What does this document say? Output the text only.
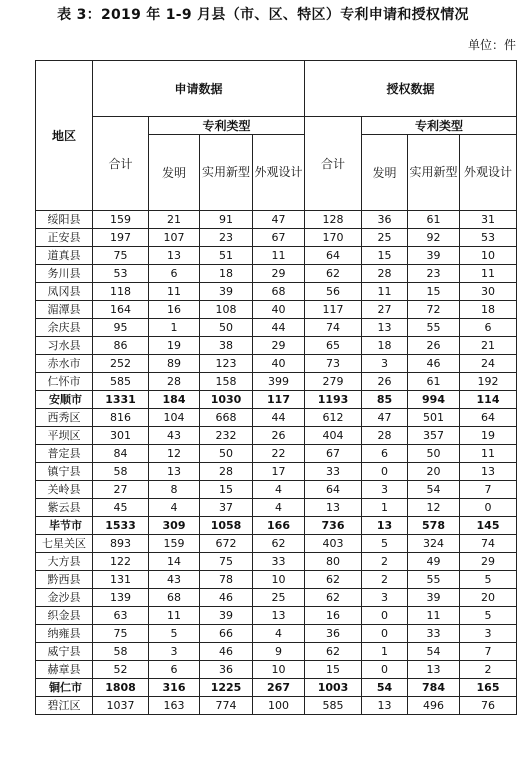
表 3：2019 年 1-9 月县（市、区、特区）专利申请和授权情况
单位：件
地区	申请数据				授权数据			
	合计	专利类型			合计	专利类型		
		发明	实用新型	外观设计		发明	实用新型	外观设计
绥阳县	159	21	91	47	128	36	61	31
正安县	197	107	23	67	170	25	92	53
道真县	75	13	51	11	64	15	39	10
务川县	53	6	18	29	62	28	23	11
凤冈县	118	11	39	68	56	11	15	30
湄潭县	164	16	108	40	117	27	72	18
余庆县	95	1	50	44	74	13	55	6
习水县	86	19	38	29	65	18	26	21
赤水市	252	89	123	40	73	3	46	24
仁怀市	585	28	158	399	279	26	61	192
安顺市	1331	184	1030	117	1193	85	994	114
西秀区	816	104	668	44	612	47	501	64
平坝区	301	43	232	26	404	28	357	19
普定县	84	12	50	22	67	6	50	11
镇宁县	58	13	28	17	33	0	20	13
关岭县	27	8	15	4	64	3	54	7
紫云县	45	4	37	4	13	1	12	0
毕节市	1533	309	1058	166	736	13	578	145
七星关区	893	159	672	62	403	5	324	74
大方县	122	14	75	33	80	2	49	29
黔西县	131	43	78	10	62	2	55	5
金沙县	139	68	46	25	62	3	39	20
织金县	63	11	39	13	16	0	11	5
纳雍县	75	5	66	4	36	0	33	3
威宁县	58	3	46	9	62	1	54	7
赫章县	52	6	36	10	15	0	13	2
铜仁市	1808	316	1225	267	1003	54	784	165
碧江区	1037	163	774	100	585	13	496	76
